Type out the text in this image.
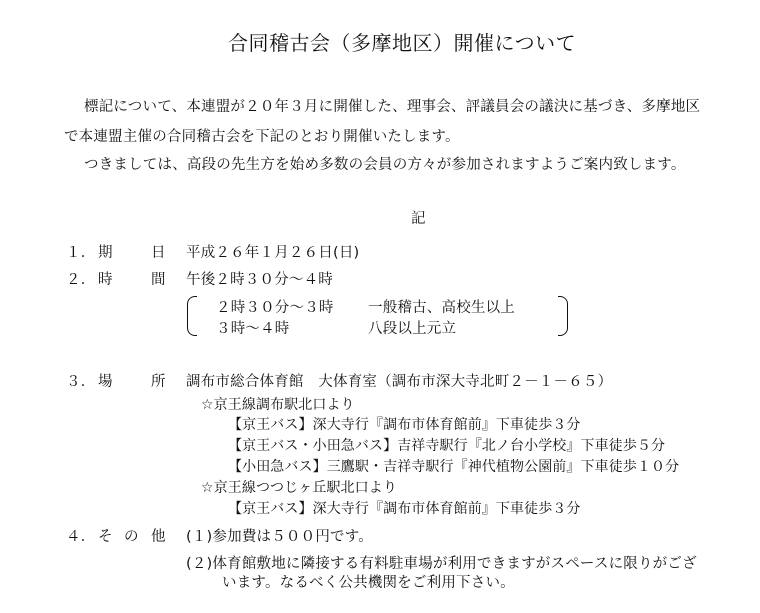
合同稽古会（多摩地区）開催について
標記について、本連盟が２０年３月に開催した、理事会、評議員会の議決に基づき、多摩地区
で本連盟主催の合同稽古会を下記のとおり開催いたします。
つきましては、高段の先生方を始め多数の会員の方々が参加されますようご案内致します。
記
１． 期	日 平成２６年１月２６日(日)
２． 時	間 午後２時３０分～４時
２時３０分～３時 一般稽古、高校生以上
３時～４時	八段以上元立
３． 場	所 調布市総合体育館　大体育室（調布市深大寺北町２－１－６５）
☆京王線調布駅北口より
【京王バス】深大寺行『調布市体育館前』下車徒歩３分
【京王バス・小田急バス】吉祥寺駅行『北ノ台小学校』下車徒歩５分
【小田急バス】三鷹駅・吉祥寺駅行『神代植物公園前』下車徒歩１０分
☆京王線つつじヶ丘駅北口より
【京王バス】深大寺行『調布市体育館前』下車徒歩３分
４． そ の 他 (１)参加費は５００円です。
(２)体育館敷地に隣接する有料駐車場が利用できますがスペースに限りがござ
います。なるべく公共機関をご利用下さい。
